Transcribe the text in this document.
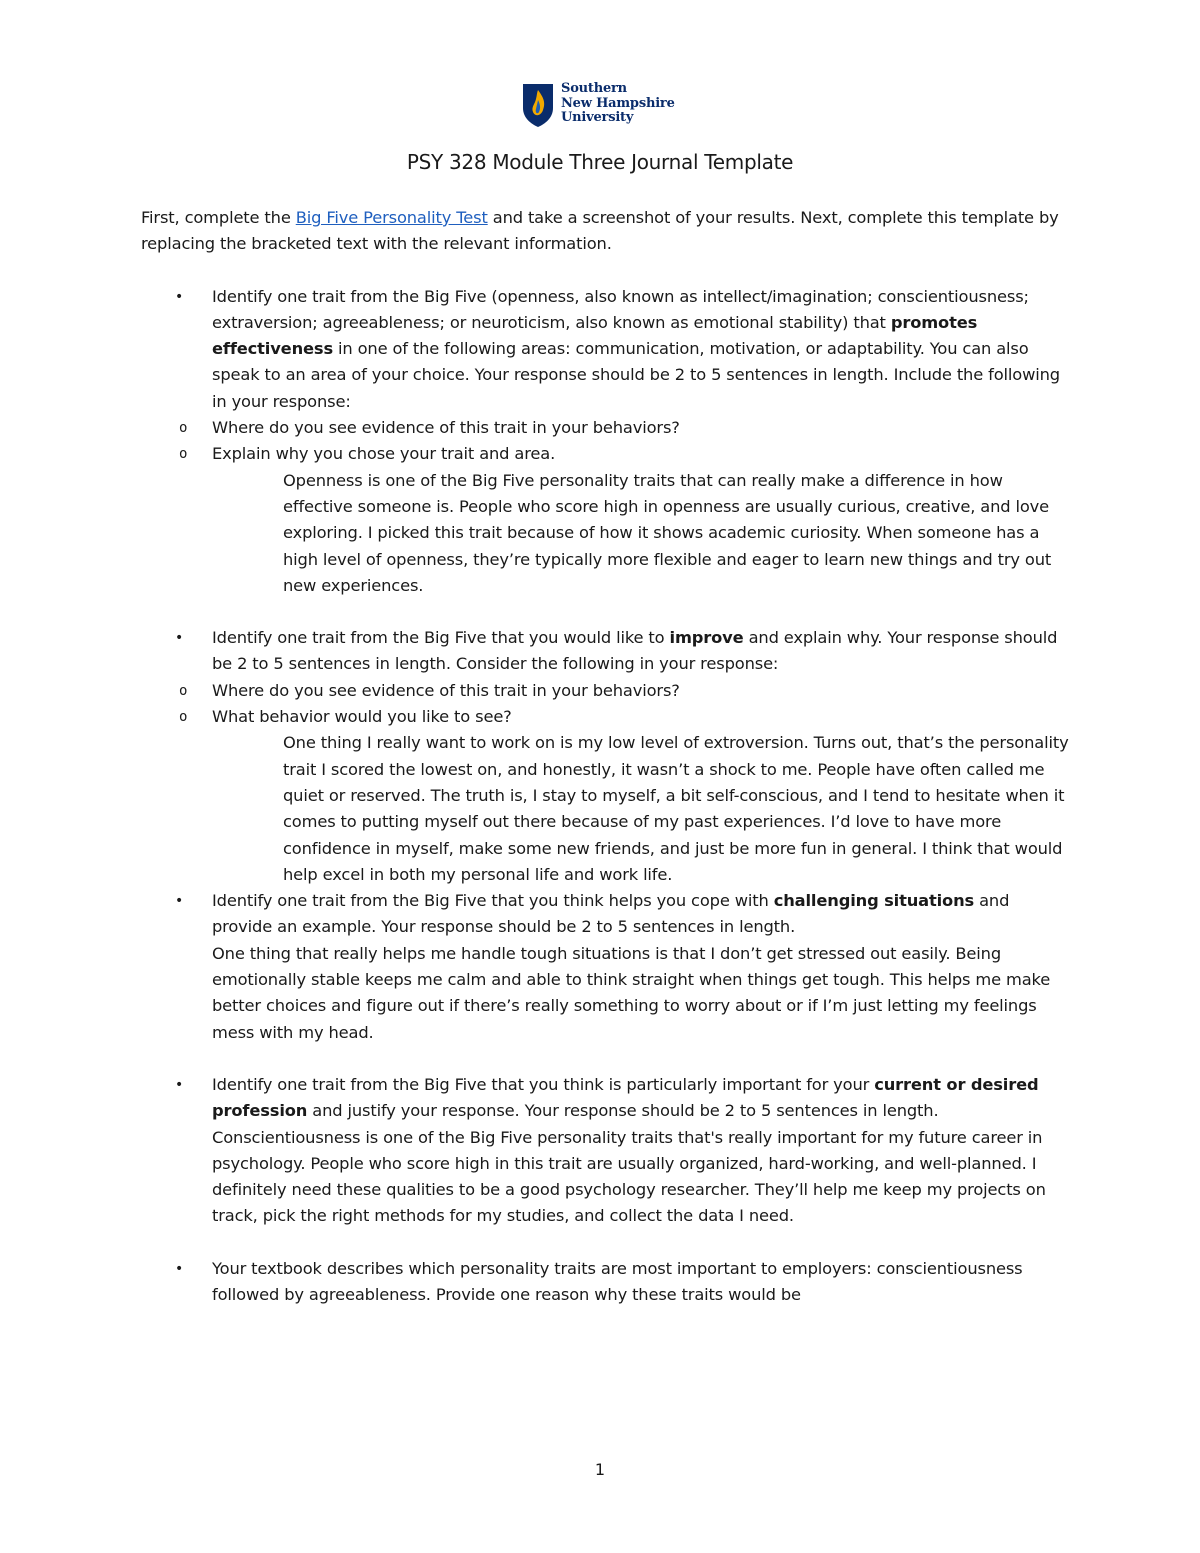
Southern
New Hampshire
University
PSY 328 Module Three Journal Template

First, complete the Big Five Personality Test and take a screenshot of your results. Next, complete this template by replacing the bracketed text with the relevant information.

• Identify one trait from the Big Five (openness, also known as intellect/imagination; conscientiousness; extraversion; agreeableness; or neuroticism, also known as emotional stability) that promotes effectiveness in one of the following areas: communication, motivation, or adaptability. You can also speak to an area of your choice. Your response should be 2 to 5 sentences in length. Include the following in your response:

o Where do you see evidence of this trait in your behaviors?
o Explain why you chose your trait and area.

Openness is one of the Big Five personality traits that can really make a difference in how effective someone is. People who score high in openness are usually curious, creative, and love exploring. I picked this trait because of how it shows academic curiosity. When someone has a high level of openness, they’re typically more flexible and eager to learn new things and try out new experiences.

• Identify one trait from the Big Five that you would like to improve and explain why. Your response should be 2 to 5 sentences in length. Consider the following in your response:

o Where do you see evidence of this trait in your behaviors?
o What behavior would you like to see?

One thing I really want to work on is my low level of extroversion. Turns out, that’s the personality trait I scored the lowest on, and honestly, it wasn’t a shock to me. People have often called me quiet or reserved. The truth is, I stay to myself, a bit self-conscious, and I tend to hesitate when it comes to putting myself out there because of my past experiences. I’d love to have more confidence in myself, make some new friends, and just be more fun in general. I think that would help excel in both my personal life and work life.

• Identify one trait from the Big Five that you think helps you cope with challenging situations and provide an example. Your response should be 2 to 5 sentences in length.

One thing that really helps me handle tough situations is that I don’t get stressed out easily. Being emotionally stable keeps me calm and able to think straight when things get tough. This helps me make better choices and figure out if there’s really something to worry about or if I’m just letting my feelings mess with my head.

• Identify one trait from the Big Five that you think is particularly important for your current or desired profession and justify your response. Your response should be 2 to 5 sentences in length.

Conscientiousness is one of the Big Five personality traits that's really important for my future career in psychology. People who score high in this trait are usually organized, hard-working, and well-planned. I definitely need these qualities to be a good psychology researcher. They’ll help me keep my projects on track, pick the right methods for my studies, and collect the data I need.

• Your textbook describes which personality traits are most important to employers: conscientiousness followed by agreeableness. Provide one reason why these traits would be

1
